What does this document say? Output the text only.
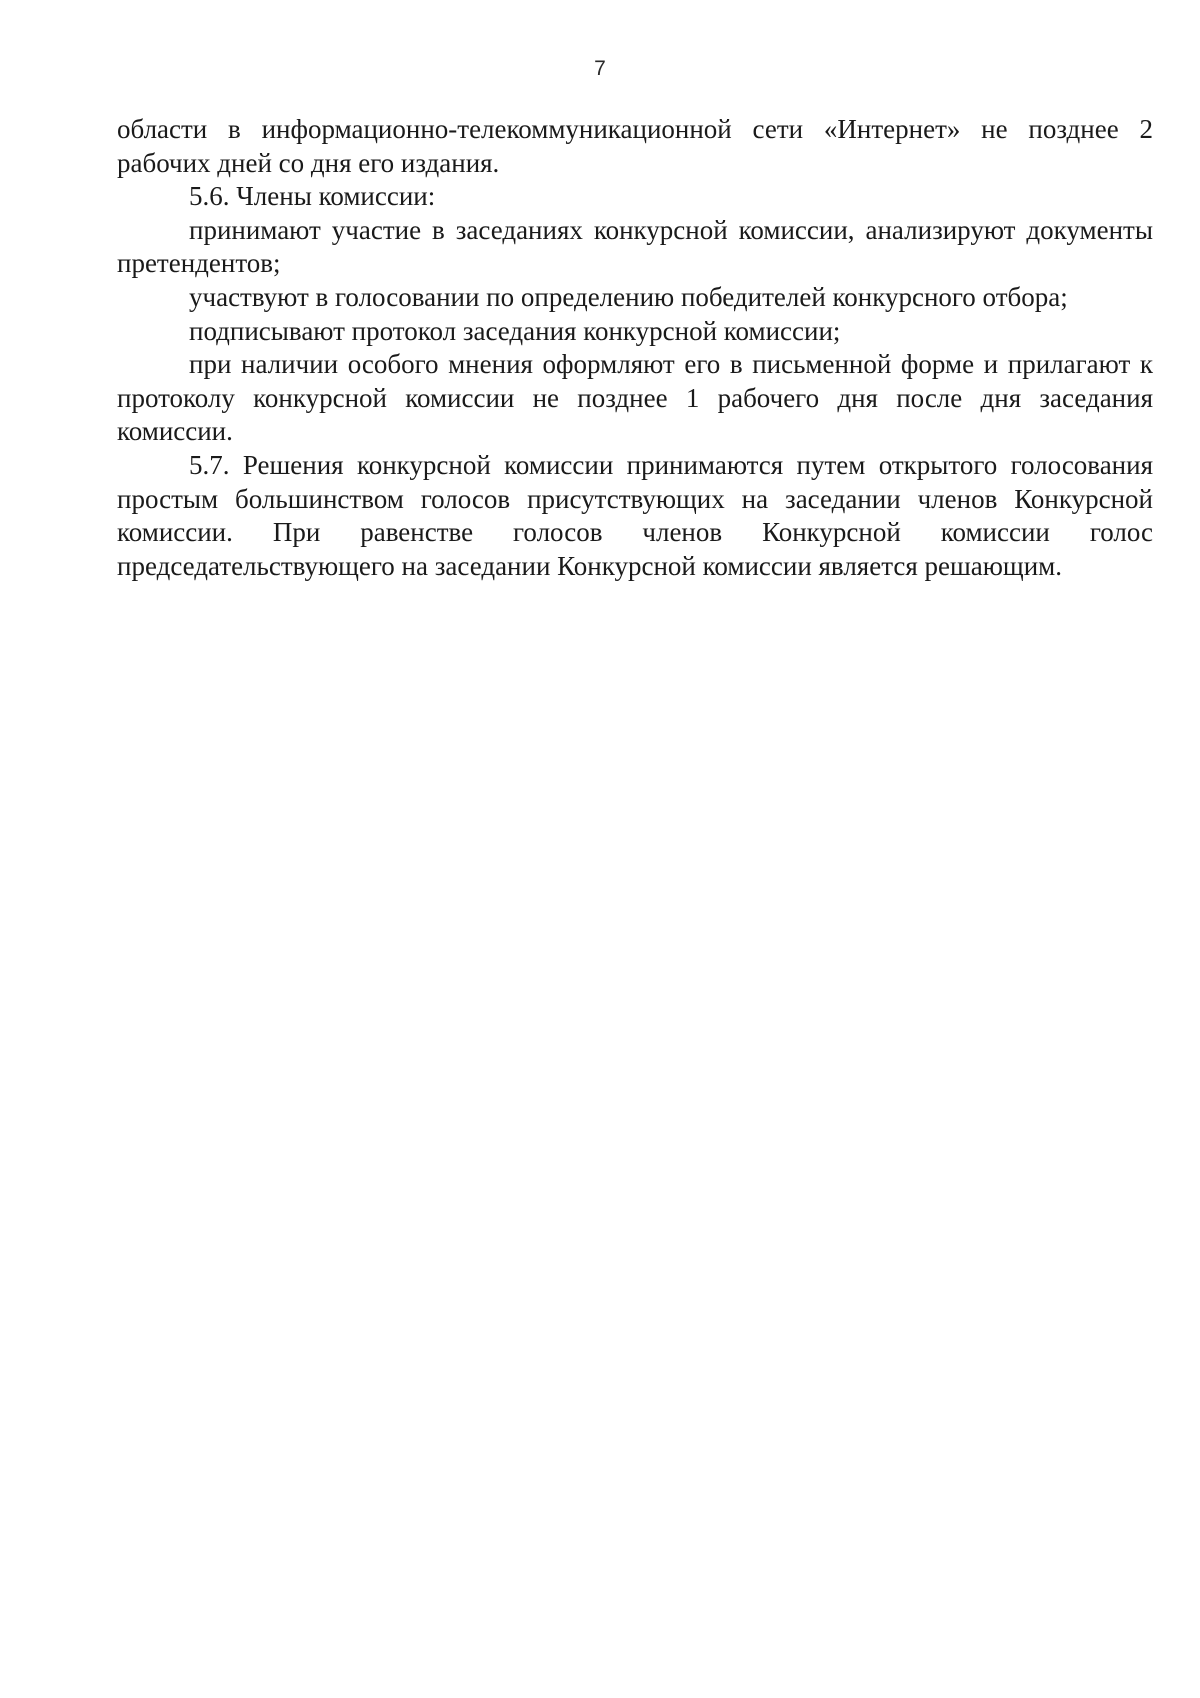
7

области в информационно-телекоммуникационной сети «Интернет» не позднее 2 рабочих дней со дня его издания.

5.6. Члены комиссии:

принимают участие в заседаниях конкурсной комиссии, анализируют документы претендентов;

участвуют в голосовании по определению победителей конкурсного отбора;

подписывают протокол заседания конкурсной комиссии;

при наличии особого мнения оформляют его в письменной форме и прилагают к протоколу конкурсной комиссии не позднее 1 рабочего дня после дня заседания комиссии.

5.7. Решения конкурсной комиссии принимаются путем открытого голосования простым большинством голосов присутствующих на заседании членов Конкурсной комиссии. При равенстве голосов членов Конкурсной комиссии голос председательствующего на заседании Конкурсной комиссии является решающим.
